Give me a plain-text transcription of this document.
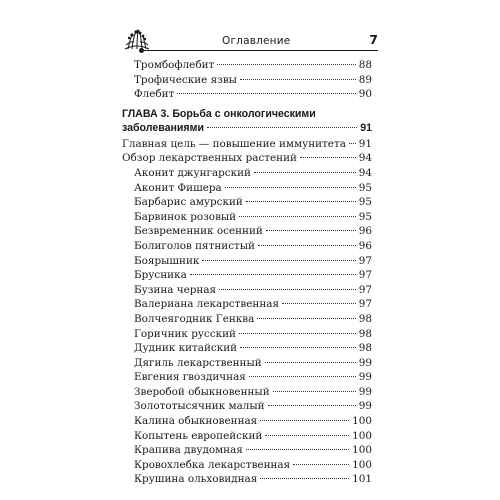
Оглавление	7
Тромбофлебит	88
Трофические язвы	89
Флебит	90
ГЛАВА 3. Борьба с онкологическими
заболеваниями	91
Главная цель — повышение иммунитета 91
Обзор лекарственных растений	94
Аконит джунгарский	94
Аконит Фишера	95
Барбарис амурский	95
Барвинок розовый	95
Безвременник осенний	96
Болиголов пятнистый	96
Боярышник	97
Брусника	97
Бузина черная	97
Валериана лекарственная	97
Волчеягодник Генква	98
Горичник русский	98
Дудник китайский	98
Дягиль лекарственный	99
Евгения гвоздичная	99
Зверобой обыкновенный	99
Золототысячник малый	99
Калина обыкновенная	100
Копытень европейский	100
Крапива двудомная	100
Кровохлебка лекарственная	100
Крушина ольховидная	101
